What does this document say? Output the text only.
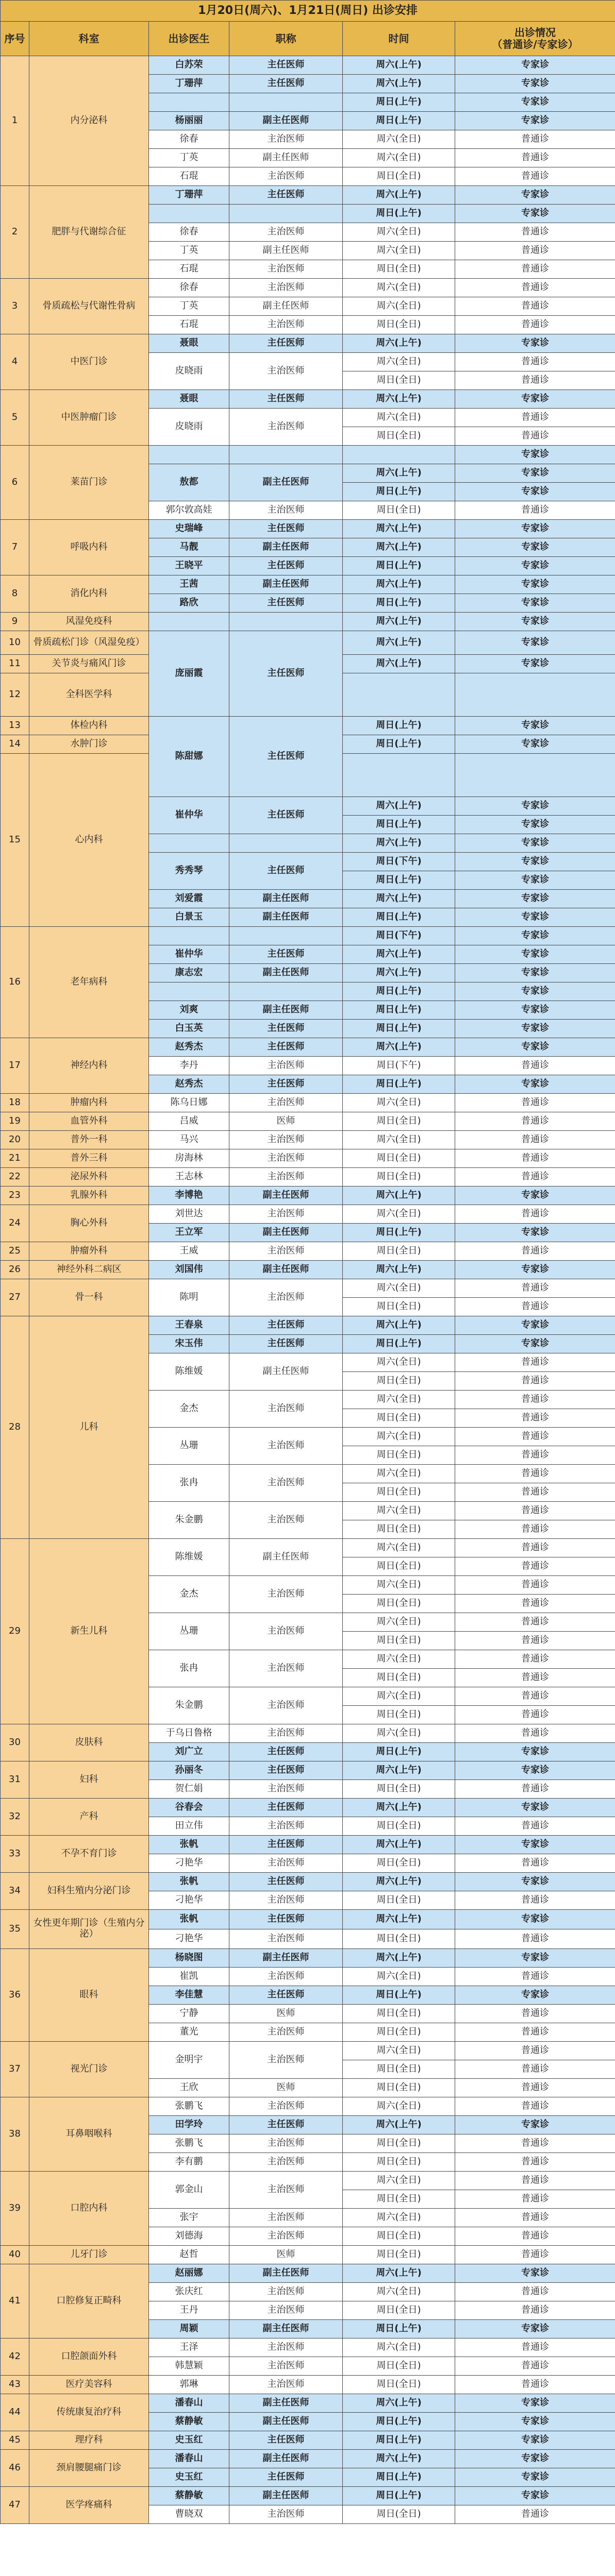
1月20日(周六)、1月21日(周日) 出诊安排						
序号	科室	出诊医生	职称	时间	出诊情况
（普通诊/专家诊）	

1	内分泌科	白苏荣	主任医师	周六(上午)	专家诊	
		丁珊萍	主任医师	周六(上午)	专家诊	
				周日(上午)	专家诊	
		杨丽丽	副主任医师	周日(上午)	专家诊	
		徐春	主治医师	周六(全日)	普通诊	
		丁英	副主任医师	周六(全日)	普通诊	
		石琨	主治医师	周日(全日)	普通诊	
2	肥胖与代谢综合征	丁珊萍	主任医师	周六(上午)	专家诊	
				周日(上午)	专家诊	
		徐春	主治医师	周六(全日)	普通诊	
		丁英	副主任医师	周六(全日)	普通诊	
		石琨	主治医师	周日(全日)	普通诊	
3	骨质疏松与代谢性骨病	徐春	主治医师	周六(全日)	普通诊	
		丁英	副主任医师	周六(全日)	普通诊	
		石琨	主治医师	周日(全日)	普通诊	
4	中医门诊	聂眼	主任医师	周六(上午)	专家诊	
		皮晓雨	主治医师	周六(全日)	普通诊	
				周日(全日)	普通诊	
5	中医肿瘤门诊	聂眼	主任医师	周六(上午)	专家诊	
		皮晓雨	主治医师	周六(全日)	普通诊	
				周日(全日)	普通诊	
6	莱苗门诊				专家诊	
		敖都	副主任医师	周六(上午)	专家诊	
				周日(上午)	专家诊	
		郭尔敦高娃	主治医师	周日(全日)	普通诊	
7	呼吸内科	史瑞峰	主任医师	周六(上午)	专家诊	
		马靓	副主任医师	周六(上午)	专家诊	
		王晓平	主任医师	周日(上午)	专家诊	
8	消化内科	王茜	副主任医师	周六(上午)	专家诊	
		路欣	主任医师	周日(上午)	专家诊	
9	风湿免疫科			周六(上午)	专家诊	
10	骨质疏松门诊（风湿免疫）	庞丽霞	主任医师	周六(上午)	专家诊	
11	关节炎与痛风门诊			周六(上午)	专家诊	
12	全科医学科				
13	体检内科	陈甜娜	主任医师	周日(上午)	专家诊	
14	水肿门诊			周日(上午)	专家诊	
15	心内科				
		崔仲华	主任医师	周六(上午)	专家诊	
				周日(上午)	专家诊	
				周六(上午)	专家诊	
		秀秀琴	主任医师	周日(下午)	专家诊	
				周日(上午)	专家诊	
		刘爱霞	副主任医师	周六(上午)	专家诊	
		白景玉	副主任医师	周日(上午)	专家诊	
16	老年病科			周日(下午)	专家诊	
		崔仲华	主任医师	周六(上午)	专家诊	
		康志宏	副主任医师	周六(上午)	专家诊	
				周日(上午)	专家诊	
		刘爽	副主任医师	周日(上午)	专家诊	
		白玉英	主任医师	周日(上午)	专家诊	
17	神经内科	赵秀杰	主任医师	周六(上午)	专家诊	
		李丹	主治医师	周日(下午)	普通诊	
		赵秀杰	主任医师	周日(上午)	专家诊	
18	肿瘤内科	陈乌日娜	主治医师	周六(全日)	普通诊	
19	血管外科	吕威	医师	周日(全日)	普通诊	
20	普外一科	马兴	主治医师	周六(全日)	普通诊	
21	普外三科	房海林	主治医师	周日(全日)	普通诊	
22	泌尿外科	王志林	主治医师	周日(全日)	普通诊	
23	乳腺外科	李博艳	副主任医师	周六(上午)	专家诊	
24	胸心外科	刘世达	主治医师	周六(全日)	普通诊	
		王立军	副主任医师	周日(上午)	专家诊	
25	肿瘤外科	王威	主治医师	周日(全日)	普通诊	
26	神经外科二病区	刘国伟	副主任医师	周六(上午)	专家诊	
27	骨一科	陈明	主治医师	周六(全日)	普通诊	
				周日(全日)	普通诊	
28	儿科	王春泉	主任医师	周六(上午)	专家诊	
		宋玉伟	主任医师	周日(上午)	专家诊	
		陈维媛	副主任医师	周六(全日)	普通诊	
				周日(全日)	普通诊	
		金杰	主治医师	周六(全日)	普通诊	
				周日(全日)	普通诊	
		丛珊	主治医师	周六(全日)	普通诊	
				周日(全日)	普通诊	
		张冉	主治医师	周六(全日)	普通诊	
				周日(全日)	普通诊	
		朱金鹏	主治医师	周六(全日)	普通诊	
				周日(全日)	普通诊	
29	新生儿科	陈维媛	副主任医师	周六(全日)	普通诊	
				周日(全日)	普通诊	
		金杰	主治医师	周六(全日)	普通诊	
				周日(全日)	普通诊	
		丛珊	主治医师	周六(全日)	普通诊	
				周日(全日)	普通诊	
		张冉	主治医师	周六(全日)	普通诊	
				周日(全日)	普通诊	
		朱金鹏	主治医师	周六(全日)	普通诊	
				周日(全日)	普通诊	
30	皮肤科	于乌日鲁格	主治医师	周六(全日)	普通诊	
		刘广立	主任医师	周日(上午)	专家诊	
31	妇科	孙丽冬	主任医师	周六(上午)	专家诊	
		贺仁娟	主治医师	周日(全日)	普通诊	
32	产科	谷春会	主任医师	周六(上午)	专家诊	
		田立伟	主治医师	周日(全日)	普通诊	
33	不孕不育门诊	张帆	主任医师	周六(上午)	专家诊	
		刁艳华	主治医师	周日(全日)	普通诊	
34	妇科生殖内分泌门诊	张帆	主任医师	周六(上午)	专家诊	
		刁艳华	主治医师	周日(全日)	普通诊	
35	女性更年期门诊（生殖内分泌）	张帆	主任医师	周六(上午)	专家诊	
		刁艳华	主治医师	周日(全日)	普通诊	
36	眼科	杨晓图	副主任医师	周六(上午)	专家诊	
		崔凯	主治医师	周六(全日)	普通诊	
		李佳慧	主任医师	周日(上午)	专家诊	
		宁静	医师	周日(全日)	普通诊	
		董光	主治医师	周日(全日)	普通诊	
37	视光门诊	金明宇	主治医师	周六(全日)	普通诊	
				周日(全日)	普通诊	
		王欣	医师	周日(全日)	普通诊	
38	耳鼻咽喉科	张鹏飞	主治医师	周六(全日)	普通诊	
		田学玲	主任医师	周六(上午)	专家诊	
		张鹏飞	主治医师	周日(全日)	普通诊	
		李有鹏	主治医师	周日(全日)	普通诊	
39	口腔内科	郭金山	主治医师	周六(全日)	普通诊	
				周日(全日)	普通诊	
		张宇	主治医师	周六(全日)	普通诊	
		刘德海	主治医师	周日(全日)	普通诊	
40	儿牙门诊	赵哲	医师	周日(全日)	普通诊	
41	口腔修复正畸科	赵丽娜	副主任医师	周六(上午)	专家诊	
		张庆红	主治医师	周六(全日)	普通诊	
		王丹	主治医师	周日(全日)	普通诊	
		周颖	副主任医师	周日(上午)	专家诊	
42	口腔颌面外科	王泽	主治医师	周六(全日)	普通诊	
		韩慧颖	主治医师	周日(全日)	普通诊	
43	医疗美容科	郭琳	主治医师	周日(全日)	普通诊	
44	传统康复治疗科	潘春山	副主任医师	周六(上午)	专家诊	
		蔡静敏	副主任医师	周日(上午)	专家诊	
45	理疗科	史玉红	主任医师	周日(上午)	专家诊	
46	颈肩腰腿痛门诊	潘春山	副主任医师	周六(上午)	专家诊	
		史玉红	主任医师	周日(上午)	专家诊	
47	医学疼痛科	蔡静敏	副主任医师	周日(上午)	专家诊	
		曹晓双	主治医师	周日(全日)	普通诊	
